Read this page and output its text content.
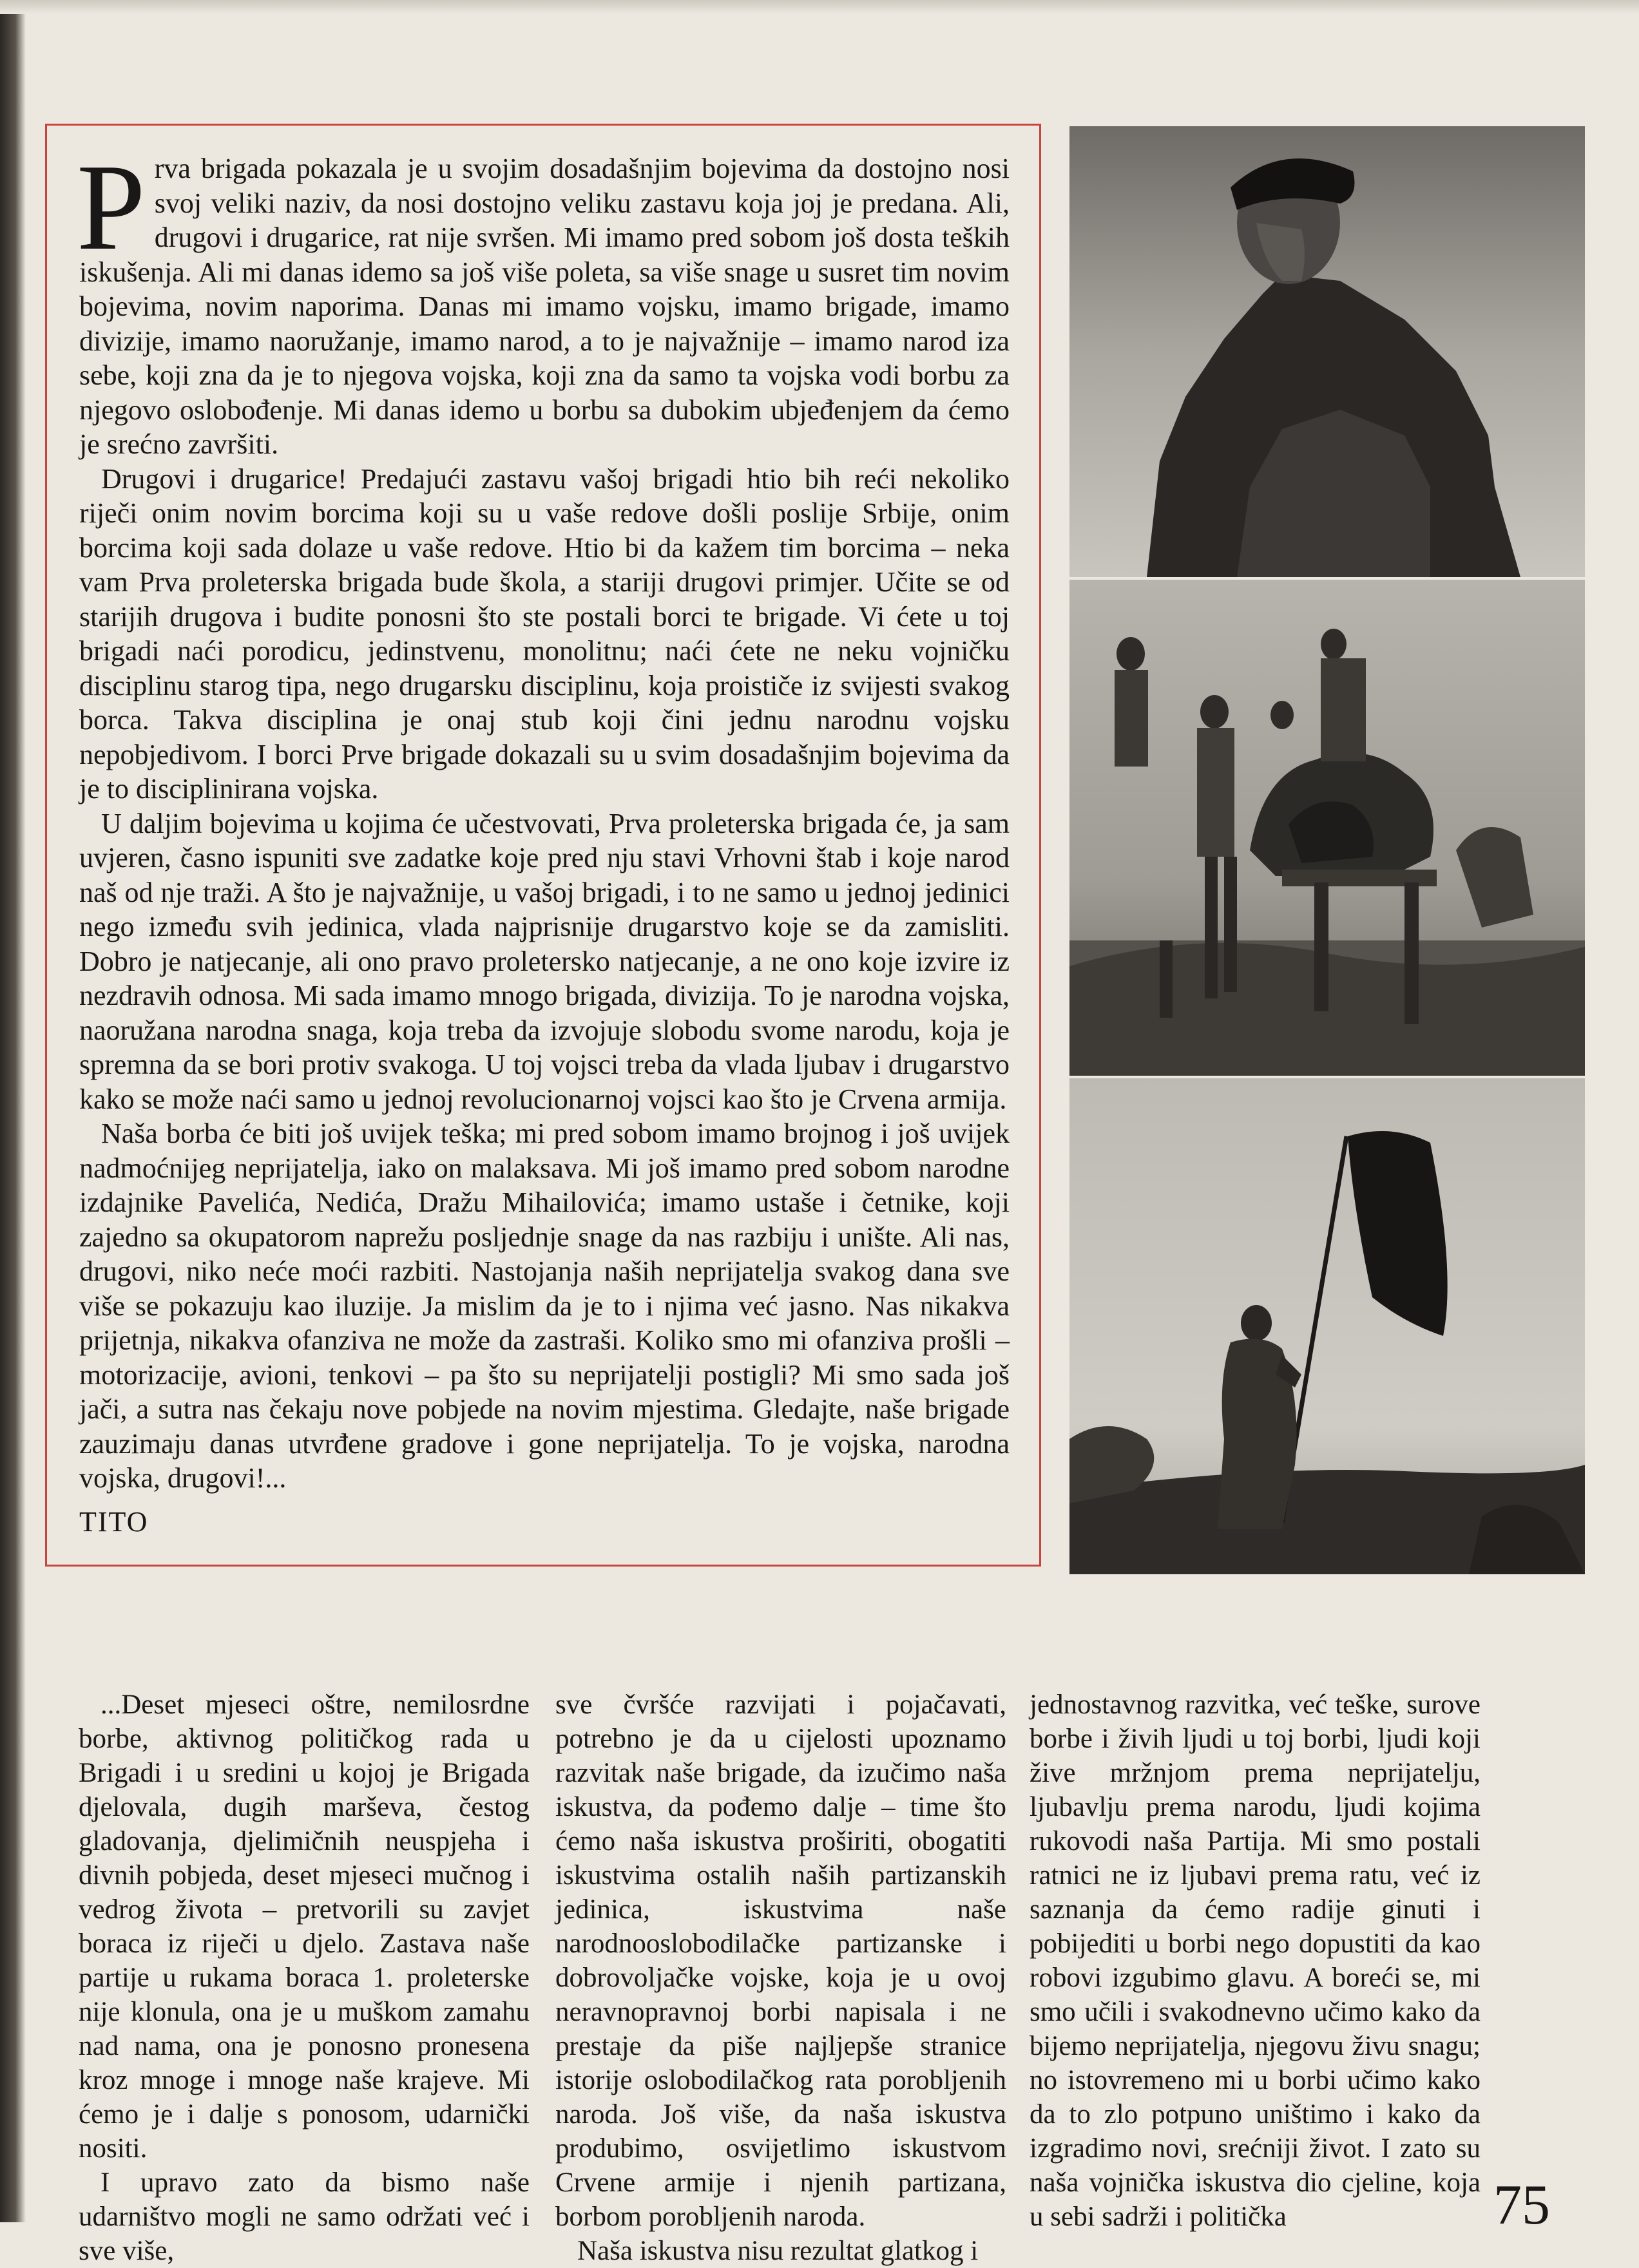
Prva brigada pokazala je u svojim dosadašnjim bojevima da dostojno nosi svoj veliki naziv, da nosi dostojno veliku zastavu koja joj je predana. Ali, drugovi i drugarice, rat nije svršen. Mi imamo pred sobom još dosta teških iskušenja. Ali mi danas idemo sa još više poleta, sa više snage u susret tim novim bojevima, novim naporima. Danas mi imamo vojsku, imamo brigade, imamo divizije, imamo naoružanje, imamo narod, a to je najvažnije – imamo narod iza sebe, koji zna da je to njegova vojska, koji zna da samo ta vojska vodi borbu za njegovo oslobođenje. Mi danas idemo u borbu sa dubokim ubjeđenjem da ćemo je srećno završiti.

Drugovi i drugarice! Predajući zastavu vašoj brigadi htio bih reći nekoliko riječi onim novim borcima koji su u vaše redove došli poslije Srbije, onim borcima koji sada dolaze u vaše redove. Htio bi da kažem tim borcima – neka vam Prva proleterska brigada bude škola, a stariji drugovi primjer. Učite se od starijih drugova i budite ponosni što ste postali borci te brigade. Vi ćete u toj brigadi naći porodicu, jedinstvenu, monolitnu; naći ćete ne neku vojničku disciplinu starog tipa, nego drugarsku disciplinu, koja proističe iz svijesti svakog borca. Takva disciplina je onaj stub koji čini jednu narodnu vojsku nepobjedivom. I borci Prve brigade dokazali su u svim dosadašnjim bojevima da je to disciplinirana vojska.

U daljim bojevima u kojima će učestvovati, Prva proleterska brigada će, ja sam uvjeren, časno ispuniti sve zadatke koje pred nju stavi Vrhovni štab i koje narod naš od nje traži. A što je najvažnije, u vašoj brigadi, i to ne samo u jednoj jedinici nego između svih jedinica, vlada najprisnije drugarstvo koje se da zamisliti. Dobro je natjecanje, ali ono pravo proletersko natjecanje, a ne ono koje izvire iz nezdravih odnosa. Mi sada imamo mnogo brigada, divizija. To je narodna vojska, naoružana narodna snaga, koja treba da izvojuje slobodu svome narodu, koja je spremna da se bori protiv svakoga. U toj vojsci treba da vlada ljubav i drugarstvo kako se može naći samo u jednoj revolucionarnoj vojsci kao što je Crvena armija.

Naša borba će biti još uvijek teška; mi pred sobom imamo brojnog i još uvijek nadmoćnijeg neprijatelja, iako on malaksava. Mi još imamo pred sobom narodne izdajnike Pavelića, Nedića, Dražu Mihailovića; imamo ustaše i četnike, koji zajedno sa okupatorom naprežu posljednje snage da nas razbiju i unište. Ali nas, drugovi, niko neće moći razbiti. Nastojanja naših neprijatelja svakog dana sve više se pokazuju kao iluzije. Ja mislim da je to i njima već jasno. Nas nikakva prijetnja, nikakva ofanziva ne može da zastraši. Koliko smo mi ofanziva prošli – motorizacije, avioni, tenkovi – pa što su neprijatelji postigli? Mi smo sada još jači, a sutra nas čekaju nove pobjede na novim mjestima. Gledajte, naše brigade zauzimaju danas utvrđene gradove i gone neprijatelja. To je vojska, narodna vojska, drugovi!...

TITO

...Deset mjeseci oštre, nemilosrdne borbe, aktivnog političkog rada u Brigadi i u sredini u kojoj je Brigada djelovala, dugih marševa, čestog gladovanja, djelimičnih neuspjeha i divnih pobjeda, deset mjeseci mučnog i vedrog života – pretvorili su zavjet boraca iz riječi u djelo. Zastava naše partije u rukama boraca 1. proleterske nije klonula, ona je u muškom zamahu nad nama, ona je ponosno pronesena kroz mnoge i mnoge naše krajeve. Mi ćemo je i dalje s ponosom, udarnički nositi.

I upravo zato da bismo naše udarništvo mogli ne samo održati već i sve više,

sve čvršće razvijati i pojačavati, potrebno je da u cijelosti upoznamo razvitak naše brigade, da izučimo naša iskustva, da pođemo dalje – time što ćemo naša iskustva proširiti, obogatiti iskustvima ostalih naših partizanskih jedinica, iskustvima naše narodnooslobodilačke partizanske i dobrovoljačke vojske, koja je u ovoj neravnopravnoj borbi napisala i ne prestaje da piše najljepše stranice istorije oslobodilačkog rata porobljenih naroda. Još više, da naša iskustva produbimo, osvijetlimo iskustvom Crvene armije i njenih partizana, borbom porobljenih naroda.

Naša iskustva nisu rezultat glatkog i

jednostavnog razvitka, već teške, surove borbe i živih ljudi u toj borbi, ljudi koji žive mržnjom prema neprijatelju, ljubavlju prema narodu, ljudi kojima rukovodi naša Partija. Mi smo postali ratnici ne iz ljubavi prema ratu, već iz saznanja da ćemo radije ginuti i pobijediti u borbi nego dopustiti da kao robovi izgubimo glavu. A boreći se, mi smo učili i svakodnevno učimo kako da bijemo neprijatelja, njegovu živu snagu; no istovremeno mi u borbi učimo kako da to zlo potpuno uništimo i kako da izgradimo novi, srećniji život. I zato su naša vojnička iskustva dio cjeline, koja u sebi sadrži i politička	75
